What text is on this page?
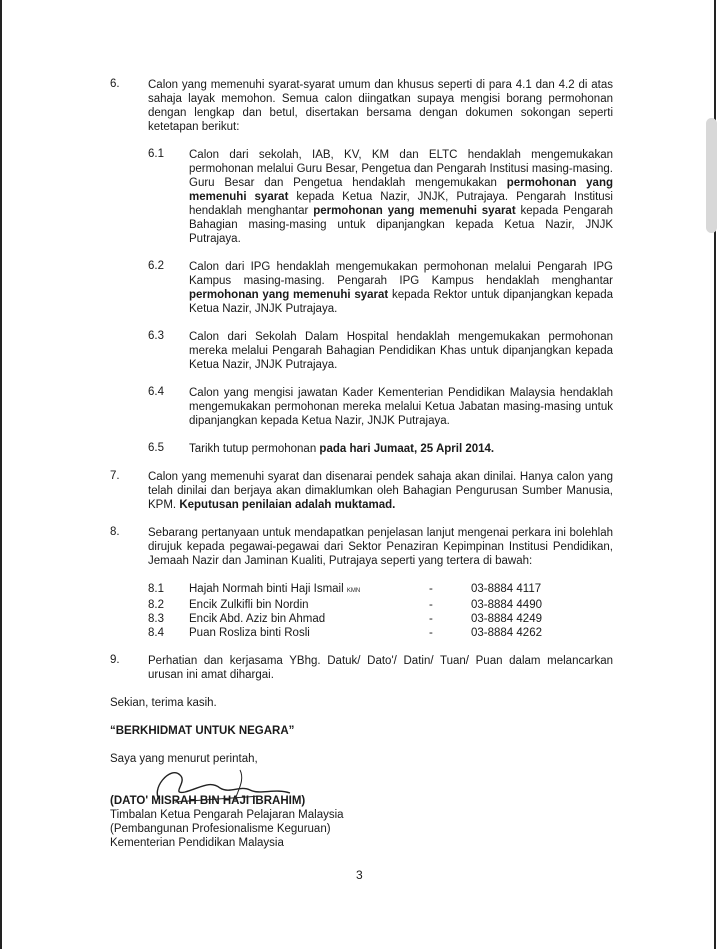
6.	Calon yang memenuhi syarat-syarat umum dan khusus seperti di para 4.1 dan 4.2 di atas sahaja layak memohon. Semua calon diingatkan supaya mengisi borang permohonan dengan lengkap dan betul, disertakan bersama dengan dokumen sokongan seperti ketetapan berikut:
6.1	Calon dari sekolah, IAB, KV, KM dan ELTC hendaklah mengemukakan permohonan melalui Guru Besar, Pengetua dan Pengarah Institusi masing-masing. Guru Besar dan Pengetua hendaklah mengemukakan permohonan yang memenuhi syarat kepada Ketua Nazir, JNJK, Putrajaya. Pengarah Institusi hendaklah menghantar permohonan yang memenuhi syarat kepada Pengarah Bahagian masing-masing untuk dipanjangkan kepada Ketua Nazir, JNJK Putrajaya.
6.2	Calon dari IPG hendaklah mengemukakan permohonan melalui Pengarah IPG Kampus masing-masing. Pengarah IPG Kampus hendaklah menghantar permohonan yang memenuhi syarat kepada Rektor untuk dipanjangkan kepada Ketua Nazir, JNJK Putrajaya.
6.3	Calon dari Sekolah Dalam Hospital hendaklah mengemukakan permohonan mereka melalui Pengarah Bahagian Pendidikan Khas untuk dipanjangkan kepada Ketua Nazir, JNJK Putrajaya.
6.4	Calon yang mengisi jawatan Kader Kementerian Pendidikan Malaysia hendaklah mengemukakan permohonan mereka melalui Ketua Jabatan masing-masing untuk dipanjangkan kepada Ketua Nazir, JNJK Putrajaya.
6.5	Tarikh tutup permohonan pada hari Jumaat, 25 April 2014.
7.	Calon yang memenuhi syarat dan disenarai pendek sahaja akan dinilai. Hanya calon yang telah dinilai dan berjaya akan dimaklumkan oleh Bahagian Pengurusan Sumber Manusia, KPM. Keputusan penilaian adalah muktamad.
8.	Sebarang pertanyaan untuk mendapatkan penjelasan lanjut mengenai perkara ini bolehlah dirujuk kepada pegawai-pegawai dari Sektor Penaziran Kepimpinan Institusi Pendidikan, Jemaah Nazir dan Jaminan Kualiti, Putrajaya seperti yang tertera di bawah:
8.1	Hajah Normah binti Haji Ismail KMN	-	03-8884 4117
8.2	Encik Zulkifli bin Nordin	-	03-8884 4490
8.3	Encik Abd. Aziz bin Ahmad	-	03-8884 4249
8.4	Puan Rosliza binti Rosli	-	03-8884 4262
9.	Perhatian dan kerjasama YBhg. Datuk/ Dato'/ Datin/ Tuan/ Puan dalam melancarkan urusan ini amat dihargai.

Sekian, terima kasih.

“BERKHIDMAT UNTUK NEGARA”

Saya yang menurut perintah,

(DATO' MISRAH BIN HAJI IBRAHIM)

Timbalan Ketua Pengarah Pelajaran Malaysia

(Pembangunan Profesionalisme Keguruan)

Kementerian Pendidikan Malaysia

3
